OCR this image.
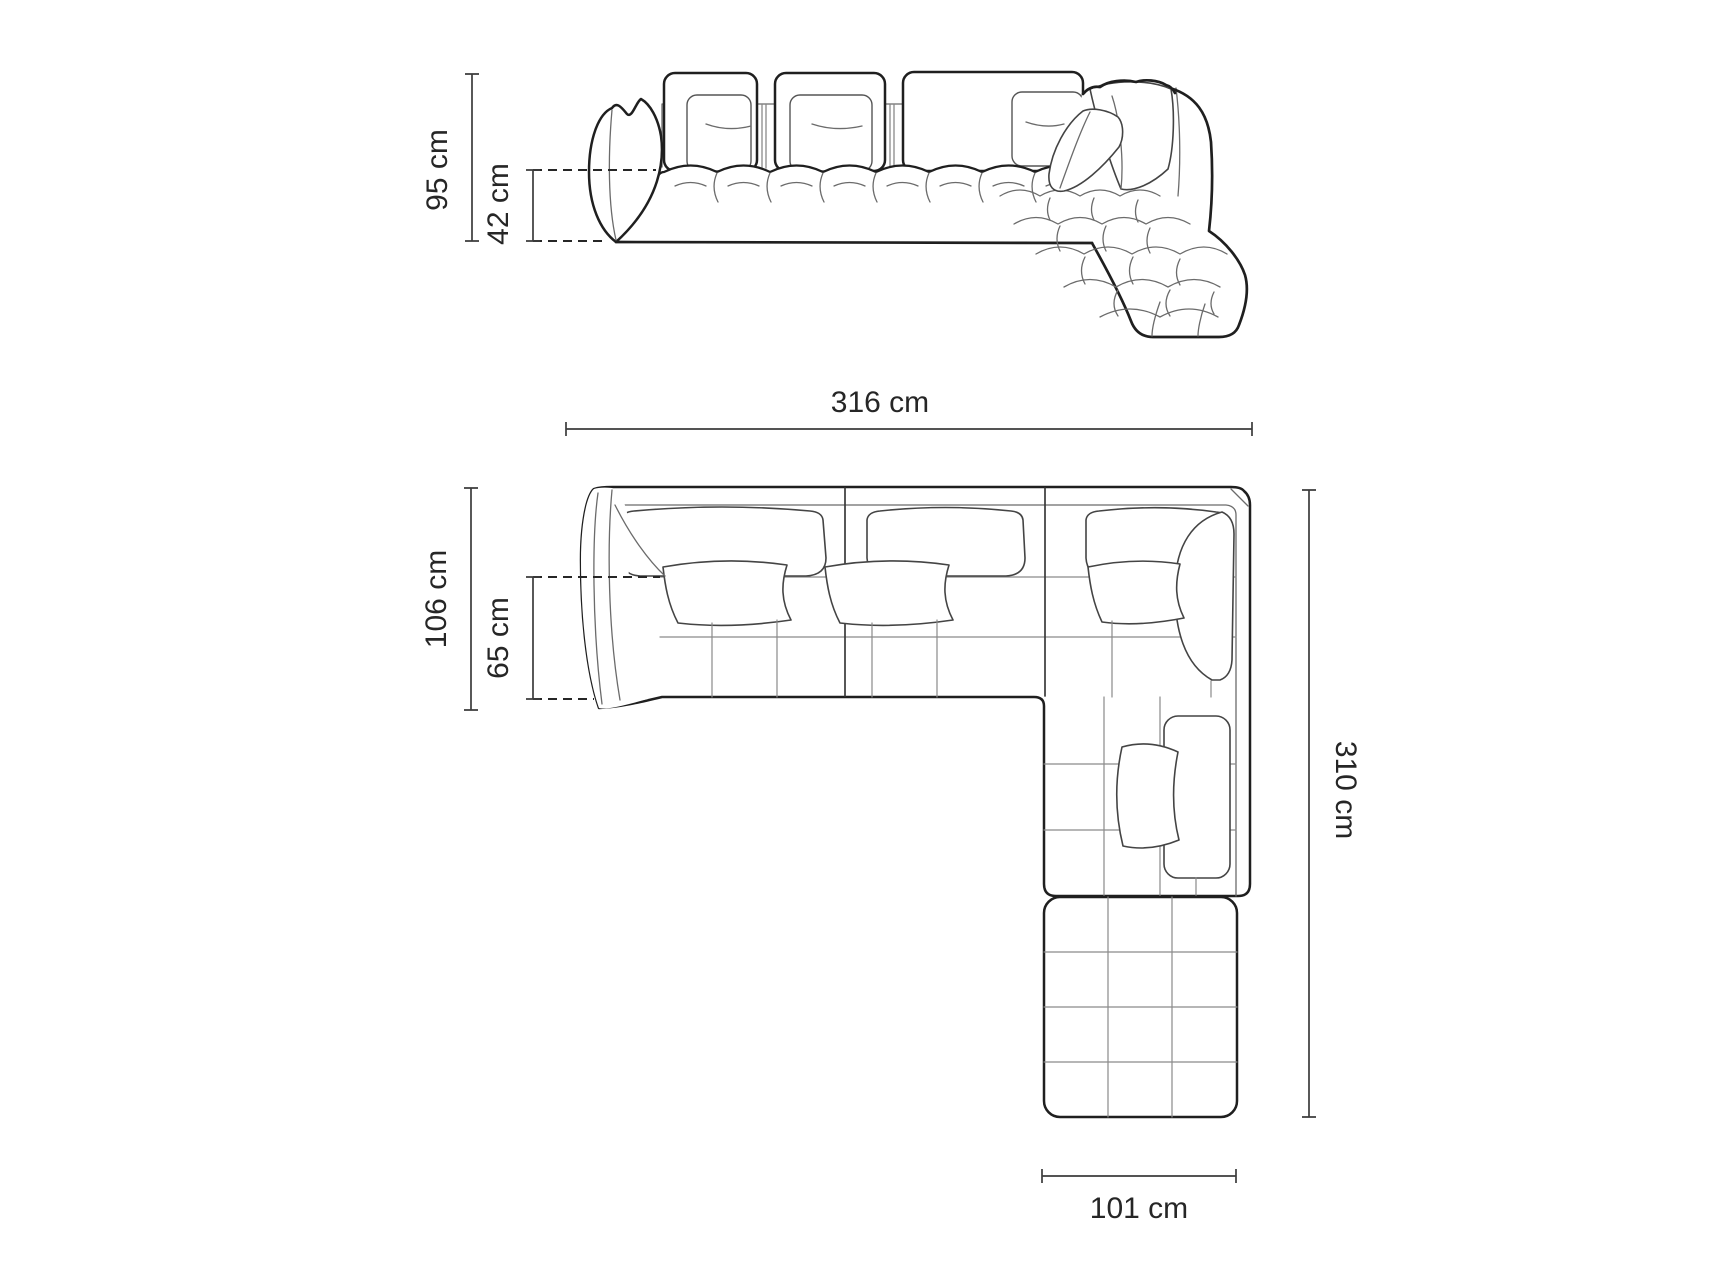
95 cm 42 cm
316 cm
106 cm 65 cm
310 cm
101 cm
